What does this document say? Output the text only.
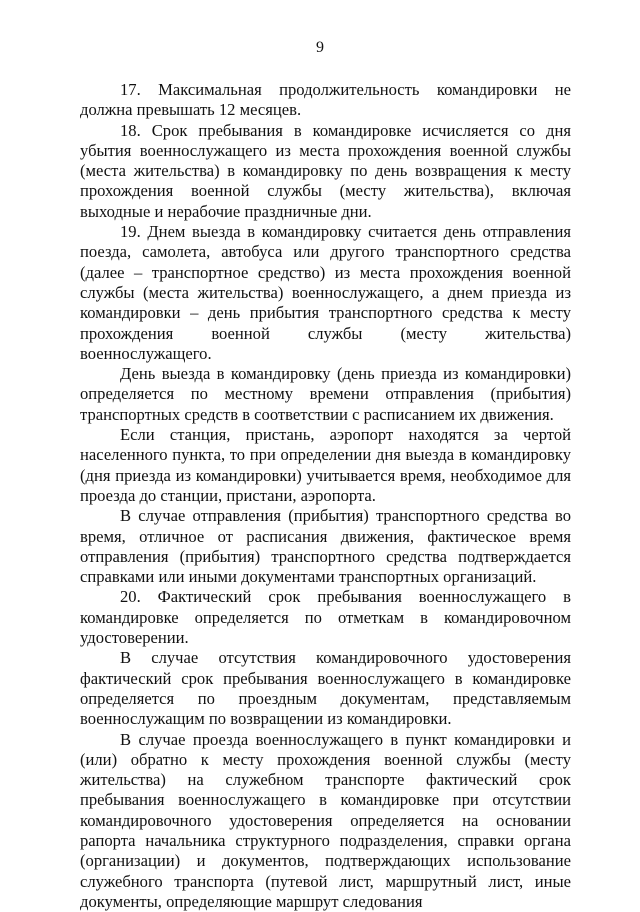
9

17. Максимальная продолжительность командировки не должна превышать 12 месяцев.

18. Срок пребывания в командировке исчисляется со дня убытия военнослужащего из места прохождения военной службы (места жительства) в командировку по день возвращения к месту прохождения военной службы (месту жительства), включая выходные и нерабочие праздничные дни.

19. Днем выезда в командировку считается день отправления поезда, самолета, автобуса или другого транспортного средства (далее – транспортное средство) из места прохождения военной службы (места жительства) военнослужащего, а днем приезда из командировки – день прибытия транспортного средства к месту прохождения военной службы (месту жительства) военнослужащего.

День выезда в командировку (день приезда из командировки) определяется по местному времени отправления (прибытия) транспортных средств в соответствии с расписанием их движения.

Если станция, пристань, аэропорт находятся за чертой населенного пункта, то при определении дня выезда в командировку (дня приезда из командировки) учитывается время, необходимое для проезда до станции, пристани, аэропорта.

В случае отправления (прибытия) транспортного средства во время, отличное от расписания движения, фактическое время отправления (прибытия) транспортного средства подтверждается справками или иными документами транспортных организаций.

20. Фактический срок пребывания военнослужащего в командировке определяется по отметкам в командировочном удостоверении.

В случае отсутствия командировочного удостоверения фактический срок пребывания военнослужащего в командировке определяется по проездным документам, представляемым военнослужащим по возвращении из командировки.

В случае проезда военнослужащего в пункт командировки и (или) обратно к месту прохождения военной службы (месту жительства) на служебном транспорте фактический срок пребывания военнослужащего в командировке при отсутствии командировочного удостоверения определяется на основании рапорта начальника структурного подразделения, справки органа (организации) и документов, подтверждающих использование служебного транспорта (путевой лист, маршрутный лист, иные документы, определяющие маршрут следования
